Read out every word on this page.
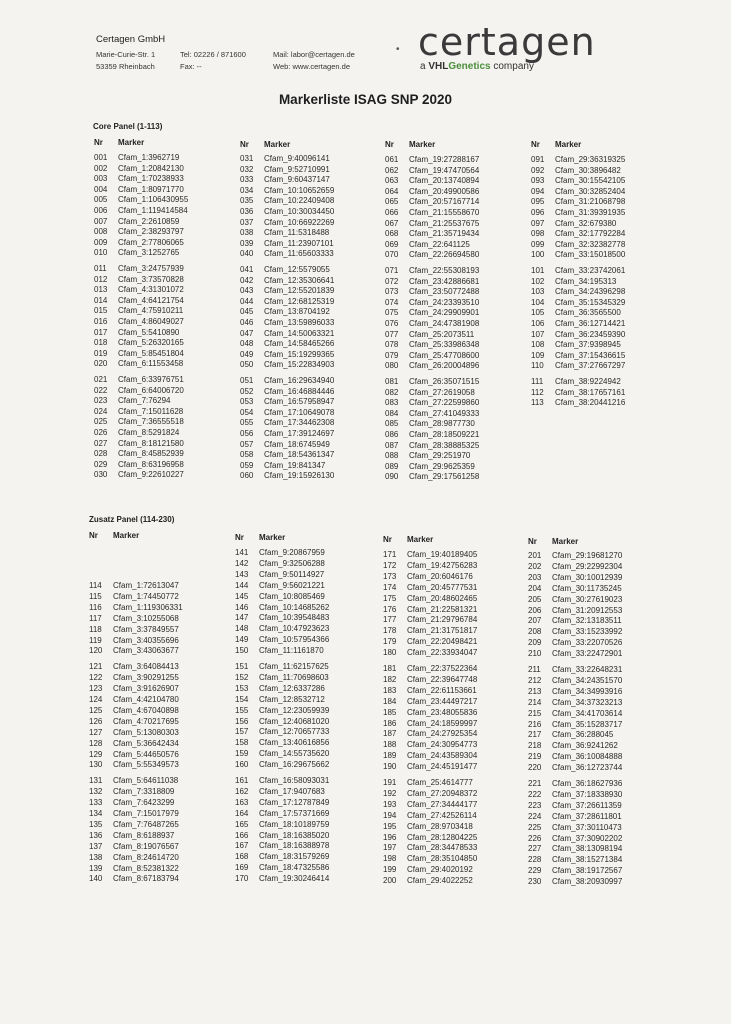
Certagen GmbH
Marie-Curie-Str. 1
53359 Rheinbach
Tel: 02226 / 871600
Fax: --
Mail: labor@certagen.de
Web: www.certagen.de
• certagen
a VHLGenetics company
Markerliste ISAG SNP 2020
Core Panel (1-113)
Nr Marker
001 Cfam_1:3962719
002 Cfam_1:20842130
003 Cfam_1:70238933
004 Cfam_1:80971770
005 Cfam_1:106430955
006 Cfam_1:119414584
007 Cfam_2:2610859
008 Cfam_2:38293797
009 Cfam_2:77806065
010 Cfam_3:1252765
011 Cfam_3:24757939
012 Cfam_3:73570828
013 Cfam_4:31301072
014 Cfam_4:64121754
015 Cfam_4:75910211
016 Cfam_4:86049027
017 Cfam_5:5410890
018 Cfam_5:26320165
019 Cfam_5:85451804
020 Cfam_6:11553458
021 Cfam_6:33976751
022 Cfam_6:64006720
023 Cfam_7:76294
024 Cfam_7:15011628
025 Cfam_7:36555518
026 Cfam_8:5291824
027 Cfam_8:18121580
028 Cfam_8:45852939
029 Cfam_8:63196958
030 Cfam_9:22610227
Nr Marker
031 Cfam_9:40096141
032 Cfam_9:52710991
033 Cfam_9:60437147
034 Cfam_10:10652659
035 Cfam_10:22409408
036 Cfam_10:30034450
037 Cfam_10:66922269
038 Cfam_11:5318488
039 Cfam_11:23907101
040 Cfam_11:65603333
041 Cfam_12:5579055
042 Cfam_12:35306641
043 Cfam_12:55201839
044 Cfam_12:68125319
045 Cfam_13:8704192
046 Cfam_13:59896033
047 Cfam_14:50063321
048 Cfam_14:58465266
049 Cfam_15:19299365
050 Cfam_15:22834903
051 Cfam_16:29634940
052 Cfam_16:46884446
053 Cfam_16:57958947
054 Cfam_17:10649078
055 Cfam_17:34462308
056 Cfam_17:39124697
057 Cfam_18:6745949
058 Cfam_18:54361347
059 Cfam_19:841347
060 Cfam_19:15926130
Nr Marker
061 Cfam_19:27288167
062 Cfam_19:47470564
063 Cfam_20:13740894
064 Cfam_20:49900586
065 Cfam_20:57167714
066 Cfam_21:15558670
067 Cfam_21:25537675
068 Cfam_21:35719434
069 Cfam_22:641125
070 Cfam_22:26694580
071 Cfam_22:55308193
072 Cfam_23:42886681
073 Cfam_23:50772488
074 Cfam_24:23393510
075 Cfam_24:29909901
076 Cfam_24:47381908
077 Cfam_25:2073511
078 Cfam_25:33986348
079 Cfam_25:47708600
080 Cfam_26:20004896
081 Cfam_26:35071515
082 Cfam_27:2619058
083 Cfam_27:22599860
084 Cfam_27:41049333
085 Cfam_28:9877730
086 Cfam_28:18509221
087 Cfam_28:38885325
088 Cfam_29:251970
089 Cfam_29:9625359
090 Cfam_29:17561258
Nr Marker
091 Cfam_29:36319325
092 Cfam_30:3896482
093 Cfam_30:15542105
094 Cfam_30:32852404
095 Cfam_31:21068798
096 Cfam_31:39391935
097 Cfam_32:679380
098 Cfam_32:17792284
099 Cfam_32:32382778
100 Cfam_33:15018500
101 Cfam_33:23742061
102 Cfam_34:195313
103 Cfam_34:24396298
104 Cfam_35:15345329
105 Cfam_36:3565500
106 Cfam_36:12714421
107 Cfam_36:23459390
108 Cfam_37:9398945
109 Cfam_37:15436615
110 Cfam_37:27667297
111 Cfam_38:9224942
112 Cfam_38:17657161
113 Cfam_38:20441216
Zusatz Panel (114-230)
Nr Marker
114 Cfam_1:72613047
115 Cfam_1:74450772
116 Cfam_1:119306331
117 Cfam_3:10255068
118 Cfam_3:37849557
119 Cfam_3:40355696
120 Cfam_3:43063677
121 Cfam_3:64084413
122 Cfam_3:90291255
123 Cfam_3:91626907
124 Cfam_4:42104780
125 Cfam_4:67040898
126 Cfam_4:70217695
127 Cfam_5:13080303
128 Cfam_5:36642434
129 Cfam_5:44650576
130 Cfam_5:55349573
131 Cfam_5:64611038
132 Cfam_7:3318809
133 Cfam_7:6423299
134 Cfam_7:15017979
135 Cfam_7:76487265
136 Cfam_8:6188937
137 Cfam_8:19076567
138 Cfam_8:24614720
139 Cfam_8:52381322
140 Cfam_8:67183794
Nr Marker
141 Cfam_9:20867959
142 Cfam_9:32506288
143 Cfam_9:50114927
144 Cfam_9:56021221
145 Cfam_10:8085469
146 Cfam_10:14685262
147 Cfam_10:39548483
148 Cfam_10:47923623
149 Cfam_10:57954366
150 Cfam_11:1161870
151 Cfam_11:62157625
152 Cfam_11:70698603
153 Cfam_12:6337286
154 Cfam_12:8532712
155 Cfam_12:23059939
156 Cfam_12:40681020
157 Cfam_12:70657733
158 Cfam_13:40616856
159 Cfam_14:55735620
160 Cfam_16:29675662
161 Cfam_16:58093031
162 Cfam_17:9407683
163 Cfam_17:12787849
164 Cfam_17:57371669
165 Cfam_18:10189759
166 Cfam_18:16385020
167 Cfam_18:16388978
168 Cfam_18:31579269
169 Cfam_18:47325586
170 Cfam_19:30246414
Nr Marker
171 Cfam_19:40189405
172 Cfam_19:42756283
173 Cfam_20:6046176
174 Cfam_20:45777531
175 Cfam_20:48602465
176 Cfam_21:22581321
177 Cfam_21:29796784
178 Cfam_21:31751817
179 Cfam_22:20498421
180 Cfam_22:33934047
181 Cfam_22:37522364
182 Cfam_22:39647748
183 Cfam_22:61153661
184 Cfam_23:44497217
185 Cfam_23:48055836
186 Cfam_24:18599997
187 Cfam_24:27925354
188 Cfam_24:30954773
189 Cfam_24:43589304
190 Cfam_24:45191477
191 Cfam_25:4614777
192 Cfam_27:20948372
193 Cfam_27:34444177
194 Cfam_27:42526114
195 Cfam_28:9703418
196 Cfam_28:12804225
197 Cfam_28:34478533
198 Cfam_28:35104850
199 Cfam_29:4020192
200 Cfam_29:4022252
Nr Marker
201 Cfam_29:19681270
202 Cfam_29:22992304
203 Cfam_30:10012939
204 Cfam_30:11735245
205 Cfam_30:27619023
206 Cfam_31:20912553
207 Cfam_32:13183511
208 Cfam_33:15233992
209 Cfam_33:22070526
210 Cfam_33:22472901
211 Cfam_33:22648231
212 Cfam_34:24351570
213 Cfam_34:34993916
214 Cfam_34:37323213
215 Cfam_34:41703614
216 Cfam_35:15283717
217 Cfam_36:288045
218 Cfam_36:9241262
219 Cfam_36:10084888
220 Cfam_36:12723744
221 Cfam_36:18627936
222 Cfam_37:18338930
223 Cfam_37:26611359
224 Cfam_37:28611801
225 Cfam_37:30110473
226 Cfam_37:30902202
227 Cfam_38:13098194
228 Cfam_38:15271384
229 Cfam_38:19172567
230 Cfam_38:20930997
